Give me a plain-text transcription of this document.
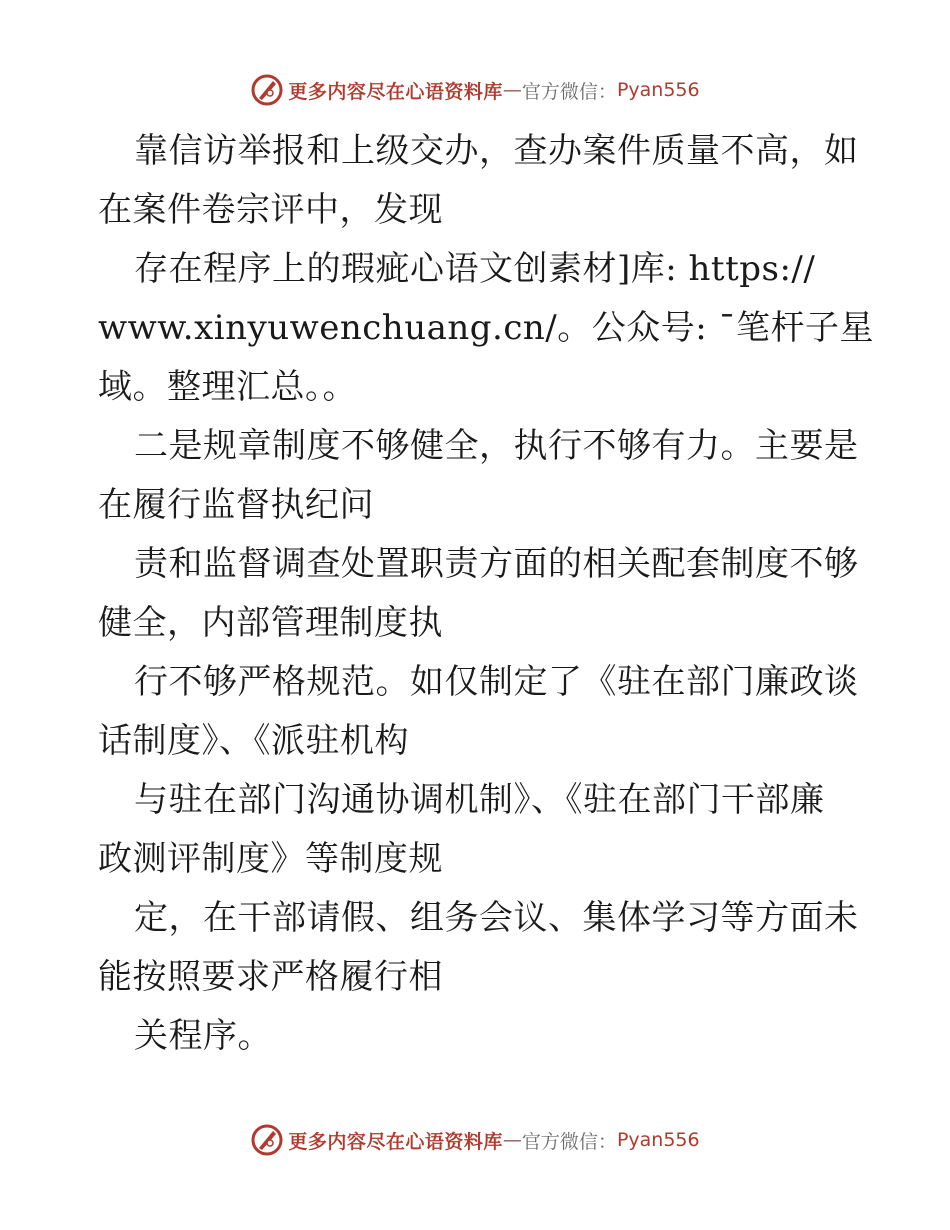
更多内容尽在心语资料库 — 官方微信： Pyan556
靠信访举报和上级交办，查办案件质量不高，如
在案件卷宗评中，发现
存在程序上的瑕疵心语文创素材]库: https://
www.xinyuwenchuang.cn/。公众号: ¯笔杆子星
域。整理汇总。。
二是规章制度不够健全，执行不够有力。主要是
在履行监督执纪问
责和监督调查处置职责方面的相关配套制度不够
健全，内部管理制度执
行不够严格规范。如仅制定了《驻在部门廉政谈
话制度》、《派驻机构
与驻在部门沟通协调机制》、《驻在部门干部廉
政测评制度》等制度规
定，在干部请假、组务会议、集体学习等方面未
能按照要求严格履行相
关程序。
更多内容尽在心语资料库 — 官方微信： Pyan556
